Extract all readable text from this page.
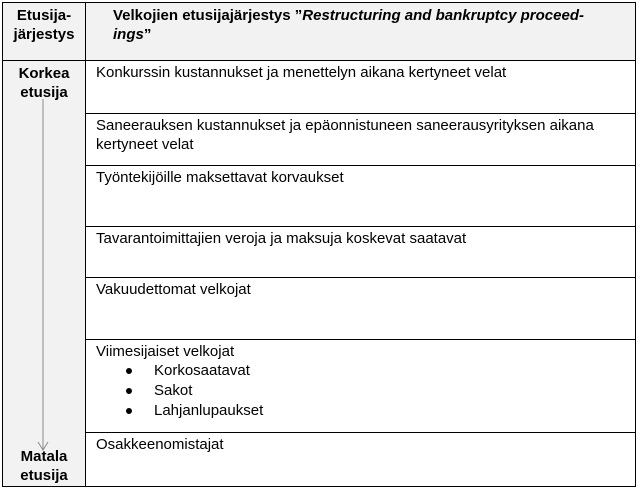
Etusija-
järjestys
Velkojien etusijajärjestys ”Restructuring and bankruptcy proceed-
ings”
Korkea
etusija
Matala
etusija
Konkurssin kustannukset ja menettelyn aikana kertyneet velat
Saneerauksen kustannukset ja epäonnistuneen saneerausyrityksen aikana kertyneet velat
Työntekijöille maksettavat korvaukset
Tavarantoimittajien veroja ja maksuja koskevat saatavat
Vakuudettomat velkojat
Viimesijaiset velkojat
Korkosaatavat
Sakot
Lahjanlupaukset
Osakkeenomistajat
